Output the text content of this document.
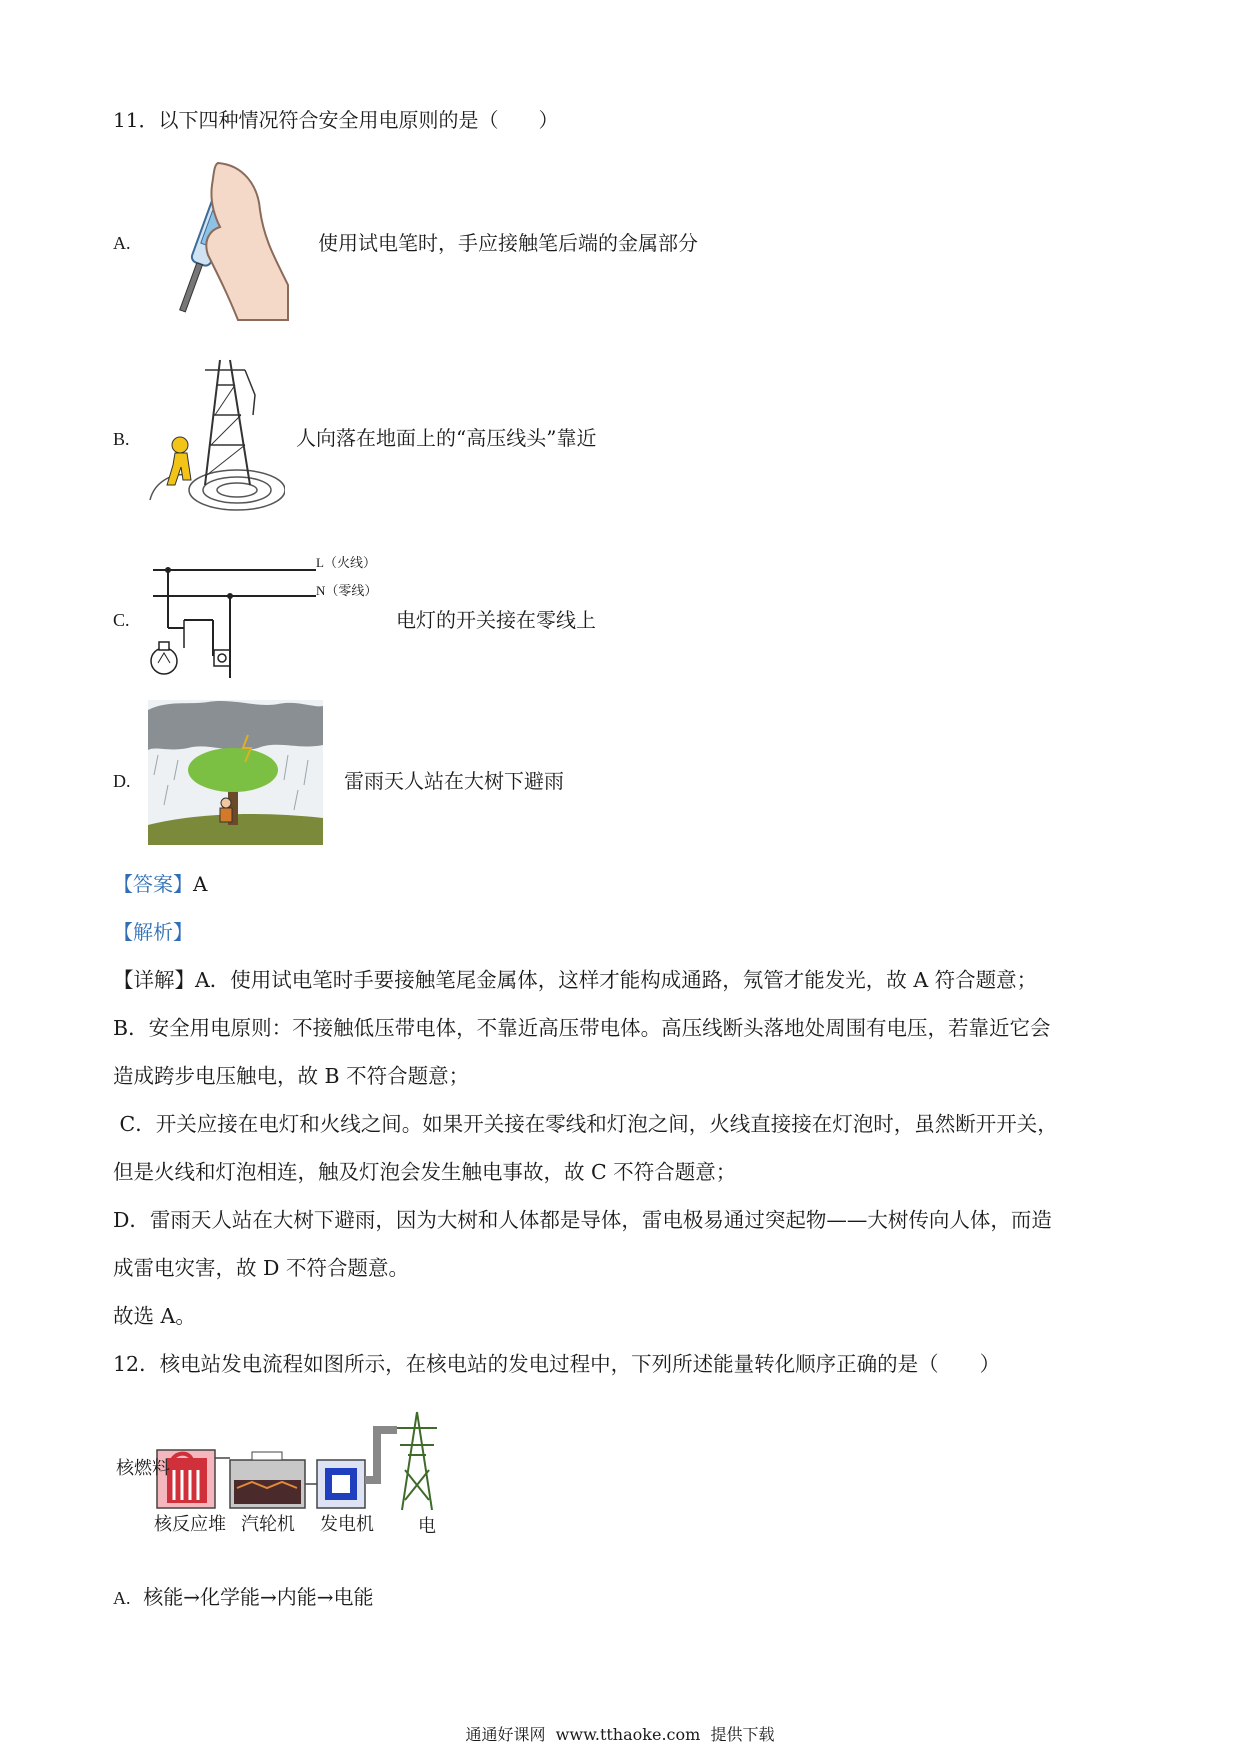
11．以下四种情况符合安全用电原则的是（　　）
A.	使用试电笔时，手应接触笔后端的金属部分
B.	人向落在地面上的“高压线头”靠近
C.
L（火线）
N（零线）
电灯的开关接在零线上
D.	雷雨天人站在大树下避雨
【答案】A
【解析】
【详解】A．使用试电笔时手要接触笔尾金属体，这样才能构成通路，氖管才能发光，故 A 符合题意；
B．安全用电原则：不接触低压带电体，不靠近高压带电体。高压线断头落地处周围有电压，若靠近它会
造成跨步电压触电，故 B 不符合题意；
C．开关应接在电灯和火线之间。如果开关接在零线和灯泡之间，火线直接接在灯泡时，虽然断开开关，
但是火线和灯泡相连，触及灯泡会发生触电事故，故 C 不符合题意；
D．雷雨天人站在大树下避雨，因为大树和人体都是导体，雷电极易通过突起物——大树传向人体，而造
成雷电灾害，故 D 不符合题意。
故选 A。
12．核电站发电流程如图所示，在核电站的发电过程中，下列所述能量转化顺序正确的是（　　）
核燃料
核反应堆 汽轮机 发电机 电
A. 核能→化学能→内能→电能
通通好课网  www.tthaoke.com  提供下载
